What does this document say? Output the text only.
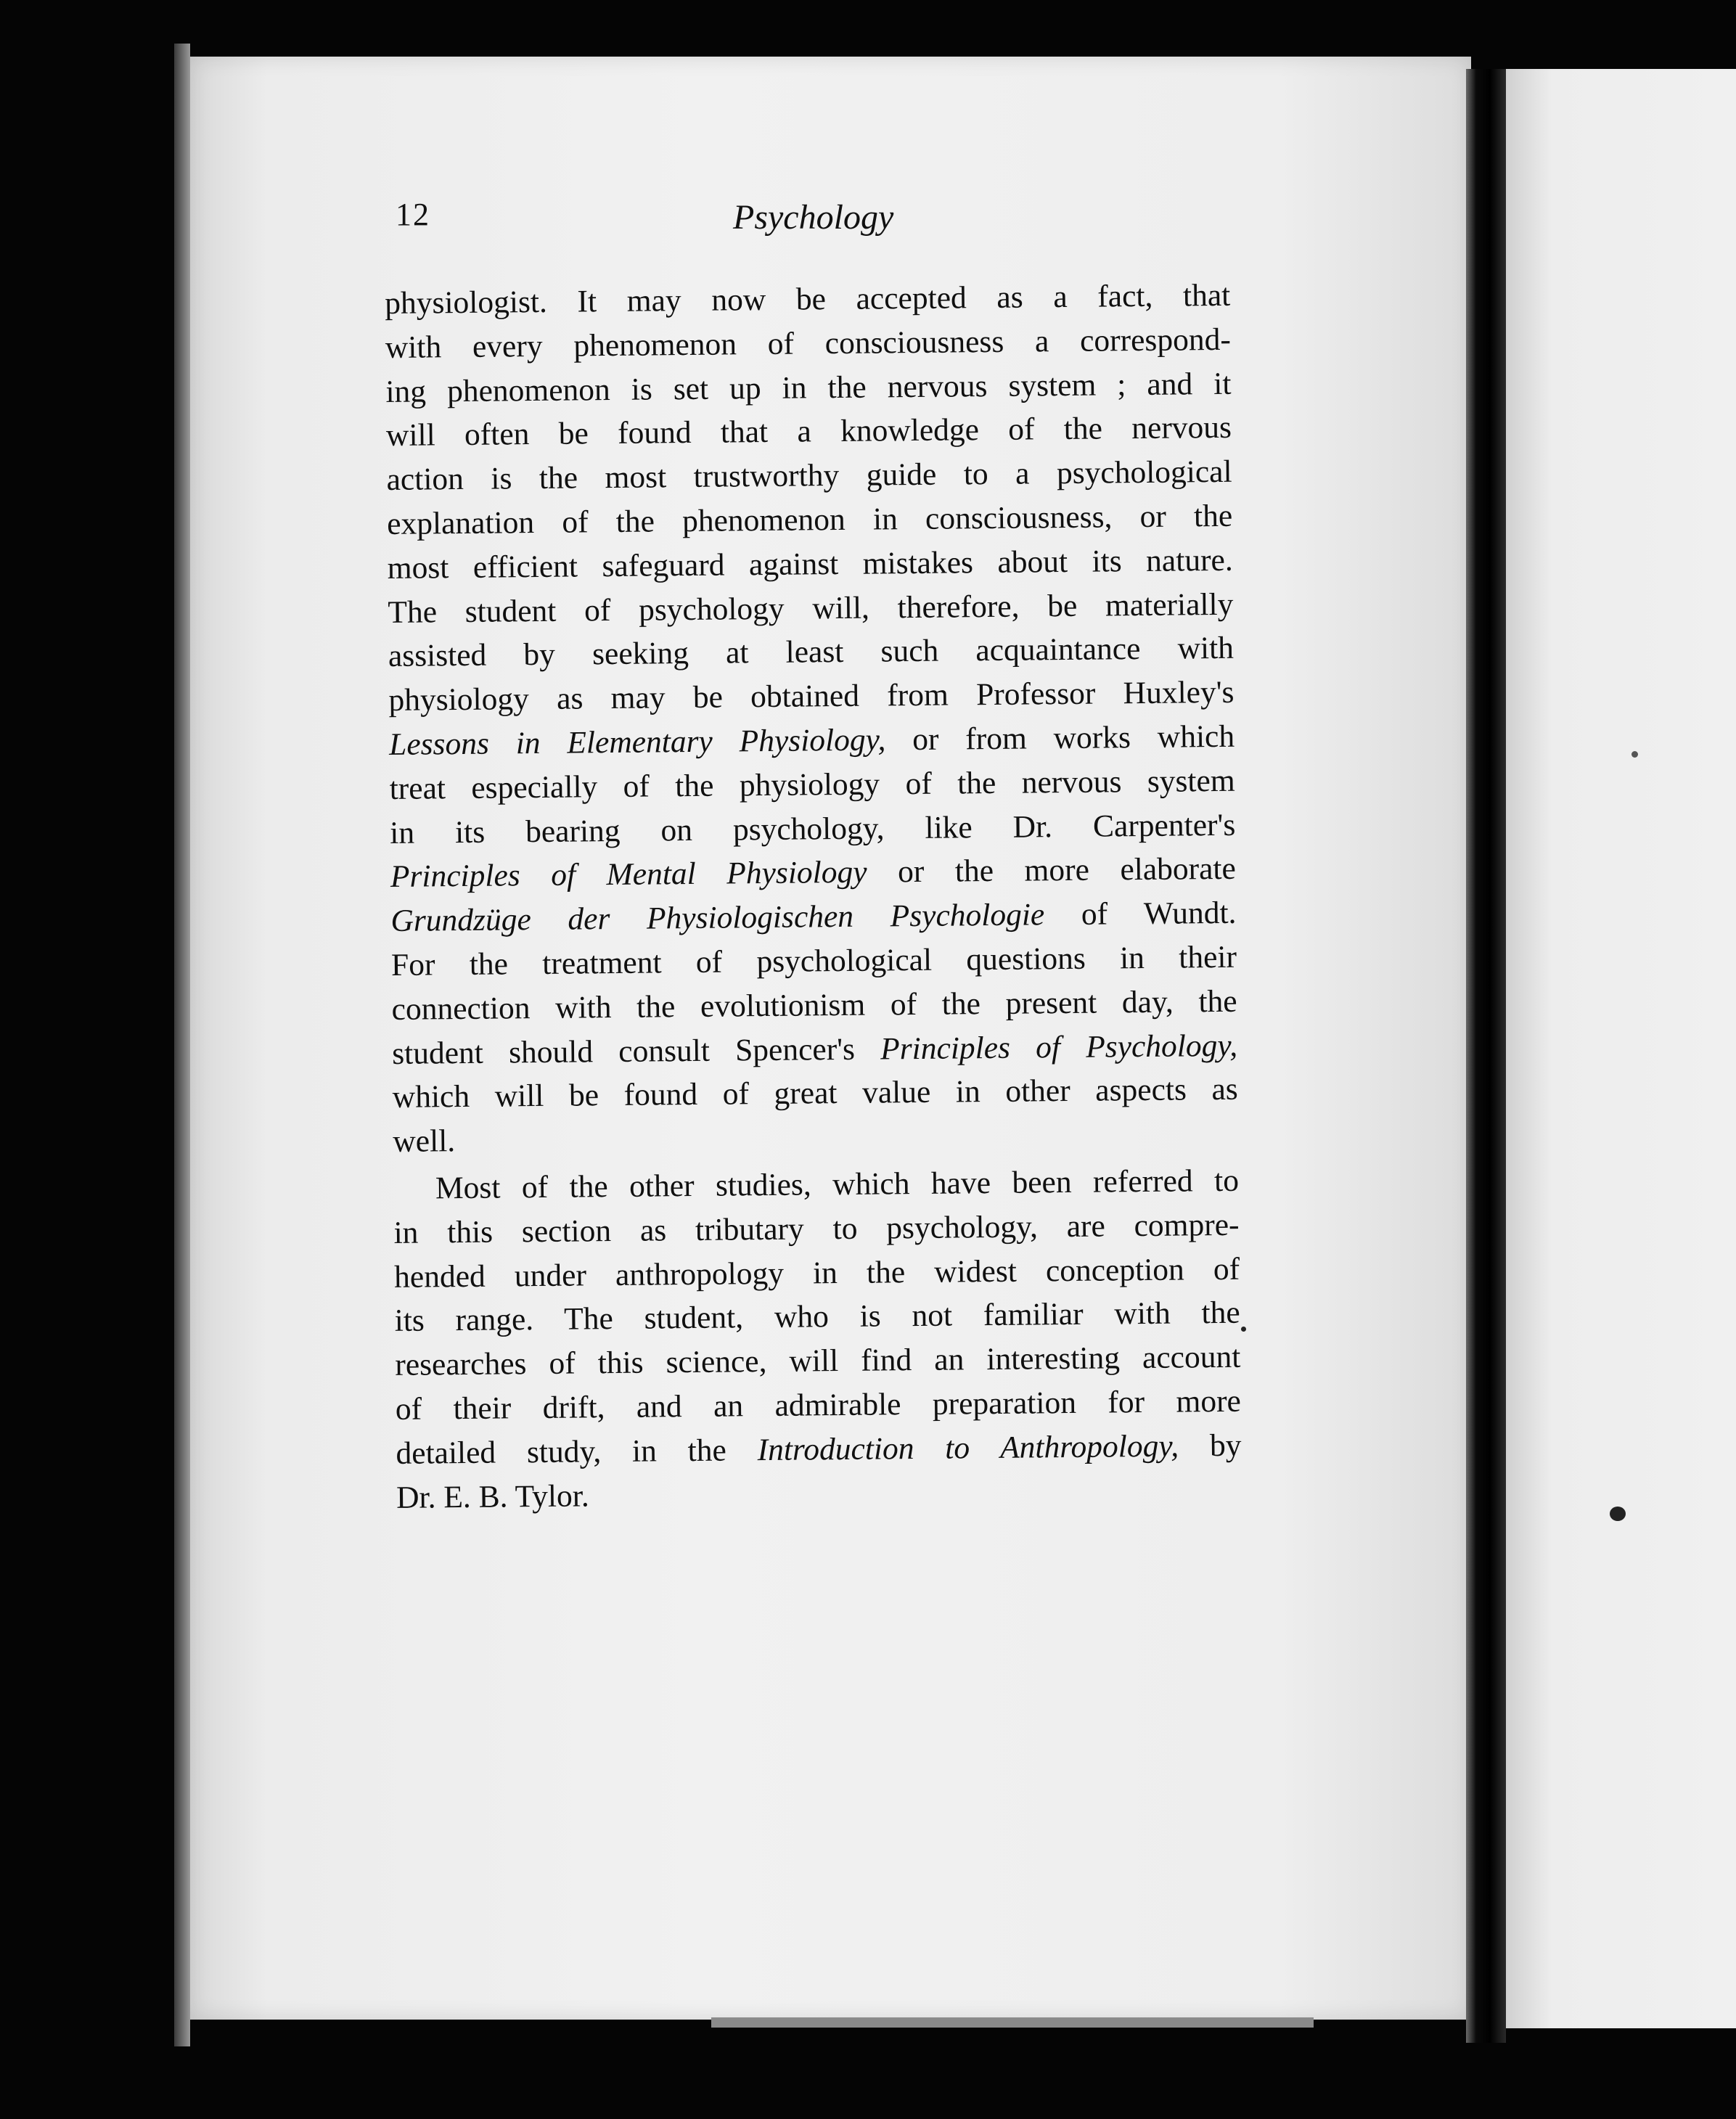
12	Psychology
physiologist. It may now be accepted as a fact, that
with every phenomenon of consciousness a correspond-
ing phenomenon is set up in the nervous system ; and it
will often be found that a knowledge of the nervous
action is the most trustworthy guide to a psychological
explanation of the phenomenon in consciousness, or the
most efficient safeguard against mistakes about its nature.
The student of psychology will, therefore, be materially
assisted by seeking at least such acquaintance with
physiology as may be obtained from Professor Huxley's
Lessons in Elementary Physiology, or from works which
treat especially of the physiology of the nervous system
in its bearing on psychology, like Dr. Carpenter's
Principles of Mental Physiology or the more elaborate
Grundzüge der Physiologischen Psychologie of Wundt.
For the treatment of psychological questions in their
connection with the evolutionism of the present day, the
student should consult Spencer's Principles of Psychology,
which will be found of great value in other aspects as
well.
Most of the other studies, which have been referred to
in this section as tributary to psychology, are compre-
hended under anthropology in the widest conception of
its range. The student, who is not familiar with the
researches of this science, will find an interesting account
of their drift, and an admirable preparation for more
detailed study, in the Introduction to Anthropology, by
Dr. E. B. Tylor.
